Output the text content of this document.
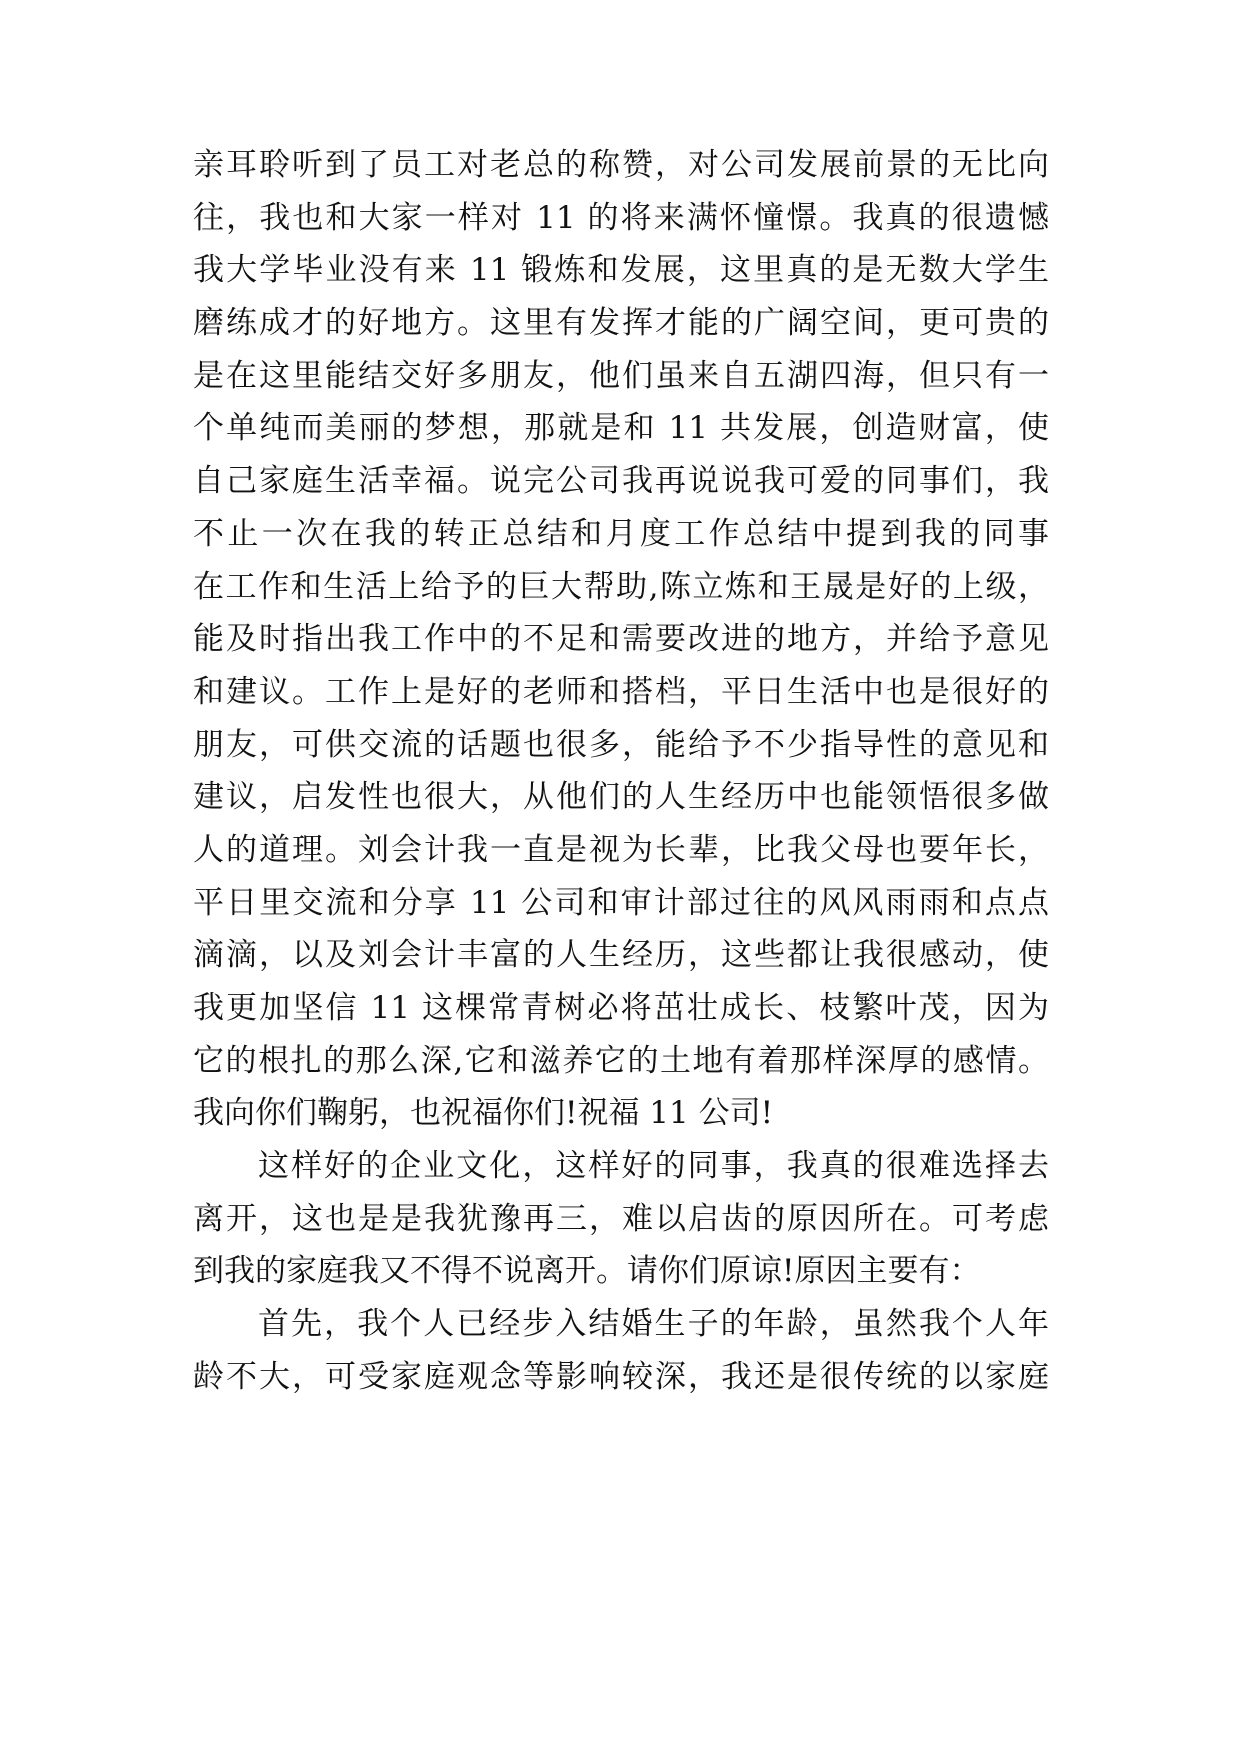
亲耳聆听到了员工对老总的称赞，对公司发展前景的无比向
往，我也和大家一样对 11 的将来满怀憧憬。我真的很遗憾
我大学毕业没有来 11 锻炼和发展，这里真的是无数大学生
磨练成才的好地方。这里有发挥才能的广阔空间，更可贵的
是在这里能结交好多朋友，他们虽来自五湖四海，但只有一
个单纯而美丽的梦想，那就是和 11 共发展，创造财富，使
自己家庭生活幸福。说完公司我再说说我可爱的同事们，我
不止一次在我的转正总结和月度工作总结中提到我的同事
在工作和生活上给予的巨大帮助,陈立炼和王晟是好的上级，
能及时指出我工作中的不足和需要改进的地方，并给予意见
和建议。工作上是好的老师和搭档，平日生活中也是很好的
朋友，可供交流的话题也很多，能给予不少指导性的意见和
建议，启发性也很大，从他们的人生经历中也能领悟很多做
人的道理。刘会计我一直是视为长辈，比我父母也要年长，
平日里交流和分享 11 公司和审计部过往的风风雨雨和点点
滴滴，以及刘会计丰富的人生经历，这些都让我很感动，使
我更加坚信 11 这棵常青树必将茁壮成长、枝繁叶茂，因为
它的根扎的那么深,它和滋养它的土地有着那样深厚的感情。
我向你们鞠躬，也祝福你们!祝福 11 公司!
这样好的企业文化，这样好的同事，我真的很难选择去
离开，这也是是我犹豫再三，难以启齿的原因所在。可考虑
到我的家庭我又不得不说离开。请你们原谅!原因主要有：
首先，我个人已经步入结婚生子的年龄，虽然我个人年
龄不大，可受家庭观念等影响较深，我还是很传统的以家庭
